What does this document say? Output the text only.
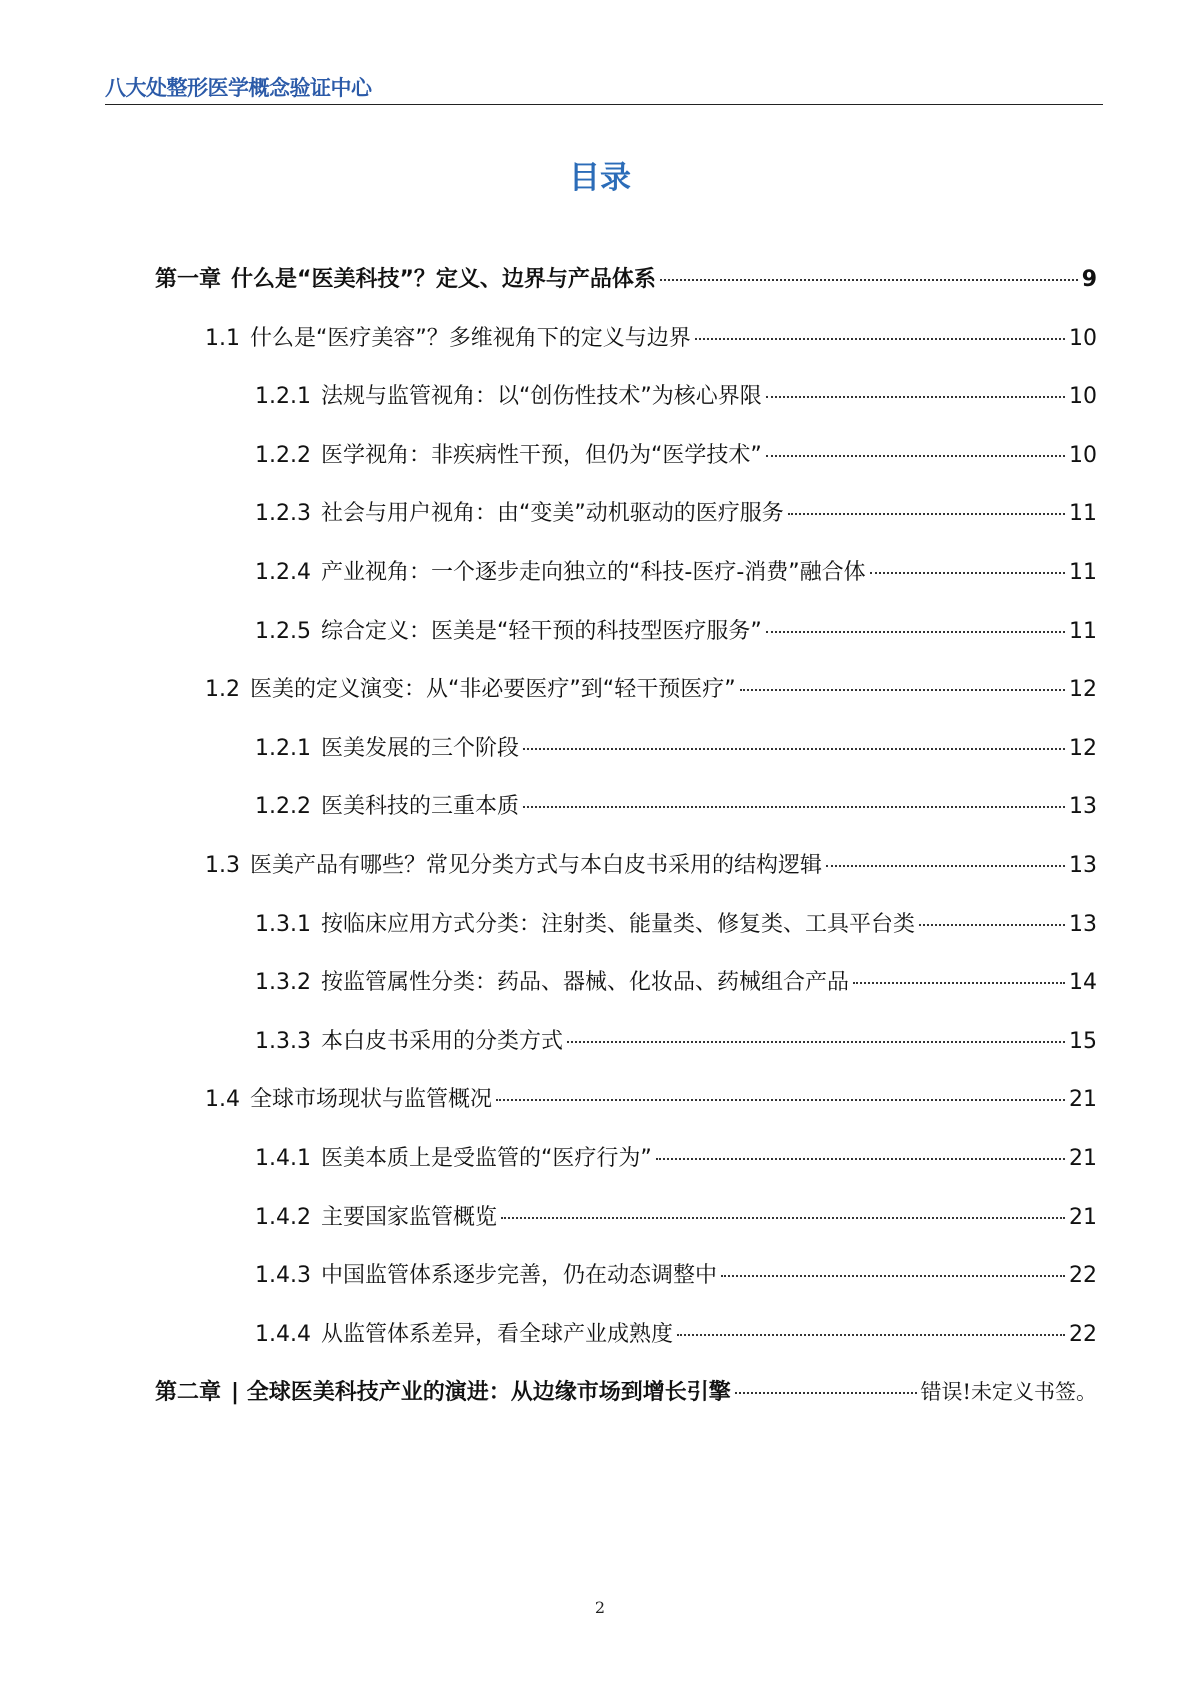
八大处整形医学概念验证中心
目录
第一章 什么是“医美科技”？定义、边界与产品体系	9
1.1 什么是“医疗美容”？多维视角下的定义与边界	10
1.2.1 法规与监管视角：以“创伤性技术”为核心界限	10
1.2.2 医学视角：非疾病性干预，但仍为“医学技术”	10
1.2.3 社会与用户视角：由“变美”动机驱动的医疗服务	11
1.2.4 产业视角：一个逐步走向独立的“科技-医疗-消费”融合体	11
1.2.5 综合定义：医美是“轻干预的科技型医疗服务”	11
1.2 医美的定义演变：从“非必要医疗”到“轻干预医疗”	12
1.2.1 医美发展的三个阶段	12
1.2.2 医美科技的三重本质	13
1.3 医美产品有哪些？常见分类方式与本白皮书采用的结构逻辑	13
1.3.1 按临床应用方式分类：注射类、能量类、修复类、工具平台类	13
1.3.2 按监管属性分类：药品、器械、化妆品、药械组合产品	14
1.3.3 本白皮书采用的分类方式	15
1.4 全球市场现状与监管概况	21
1.4.1 医美本质上是受监管的“医疗行为”	21
1.4.2 主要国家监管概览	21
1.4.3 中国监管体系逐步完善，仍在动态调整中	22
1.4.4 从监管体系差异，看全球产业成熟度	22
第二章 | 全球医美科技产业的演进：从边缘市场到增长引擎	错误!未定义书签。
2
